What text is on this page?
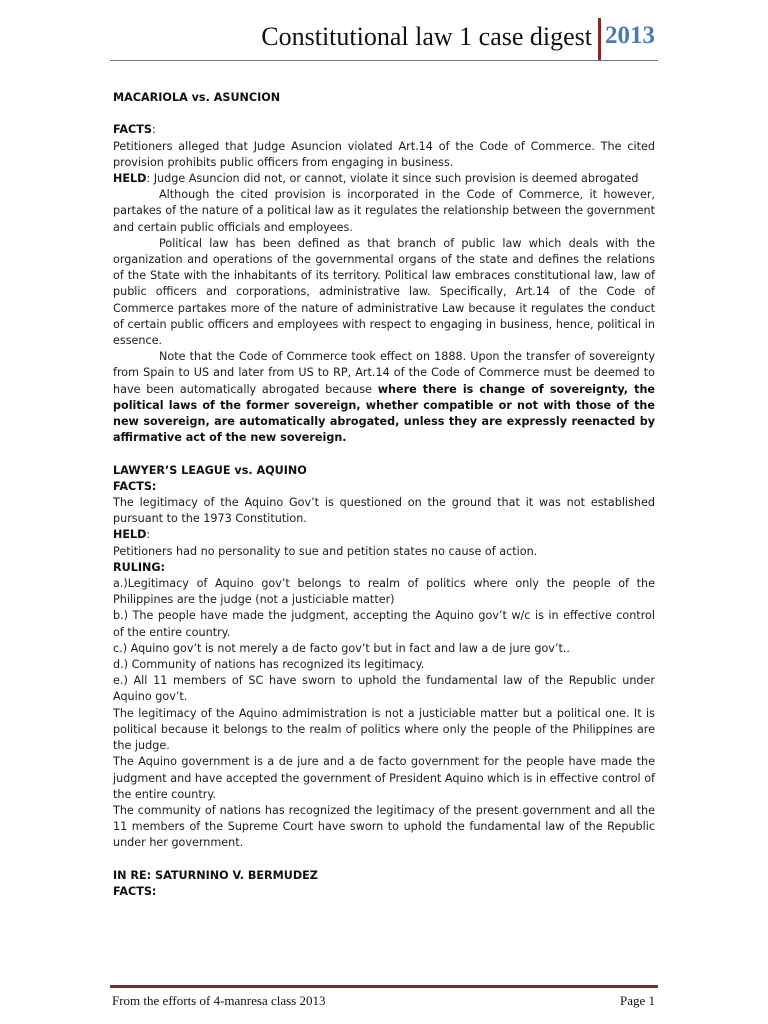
Constitutional law 1 case digest 2013

MACARIOLA vs. ASUNCION

FACTS:

Petitioners alleged that Judge Asuncion violated Art.14 of the Code of Commerce. The cited provision prohibits public officers from engaging in business.

HELD: Judge Asuncion did not, or cannot, violate it since such provision is deemed abrogated

Although the cited provision is incorporated in the Code of Commerce, it however, partakes of the nature of a political law as it regulates the relationship between the government and certain public officials and employees.

Political law has been defined as that branch of public law which deals with the organization and operations of the governmental organs of the state and defines the relations of the State with the inhabitants of its territory. Political law embraces constitutional law, law of public officers and corporations, administrative law. Specifically, Art.14 of the Code of Commerce partakes more of the nature of administrative Law because it regulates the conduct of certain public officers and employees with respect to engaging in business, hence, political in essence.

Note that the Code of Commerce took effect on 1888. Upon the transfer of sovereignty from Spain to US and later from US to RP, Art.14 of the Code of Commerce must be deemed to have been automatically abrogated because where there is change of sovereignty, the political laws of the former sovereign, whether compatible or not with those of the new sovereign, are automatically abrogated, unless they are expressly reenacted by affirmative act of the new sovereign.

LAWYER’S LEAGUE vs. AQUINO

FACTS:

The legitimacy of the Aquino Gov’t is questioned on the ground that it was not established pursuant to the 1973 Constitution.

HELD:

Petitioners had no personality to sue and petition states no cause of action.

RULING:

a.)Legitimacy of Aquino gov’t belongs to realm of politics where only the people of the Philippines are the judge (not a justiciable matter)

b.) The people have made the judgment, accepting the Aquino gov’t w/c is in effective control of the entire country.

c.) Aquino gov’t is not merely a de facto gov’t but in fact and law a de jure gov’t..

d.) Community of nations has recognized its legitimacy.

e.) All 11 members of SC have sworn to uphold the fundamental law of the Republic under Aquino gov’t.

The legitimacy of the Aquino admimistration is not a justiciable matter but a political one. It is political because it belongs to the realm of politics where only the people of the Philippines are the judge.

The Aquino government is a de jure and a de facto government for the people have made the judgment and have accepted the government of President Aquino which is in effective control of the entire country.

The community of nations has recognized the legitimacy of the present government and all the 11 members of the Supreme Court have sworn to uphold the fundamental law of the Republic under her government.

IN RE: SATURNINO V. BERMUDEZ

FACTS:

From the efforts of 4-manresa class 2013	Page 1
